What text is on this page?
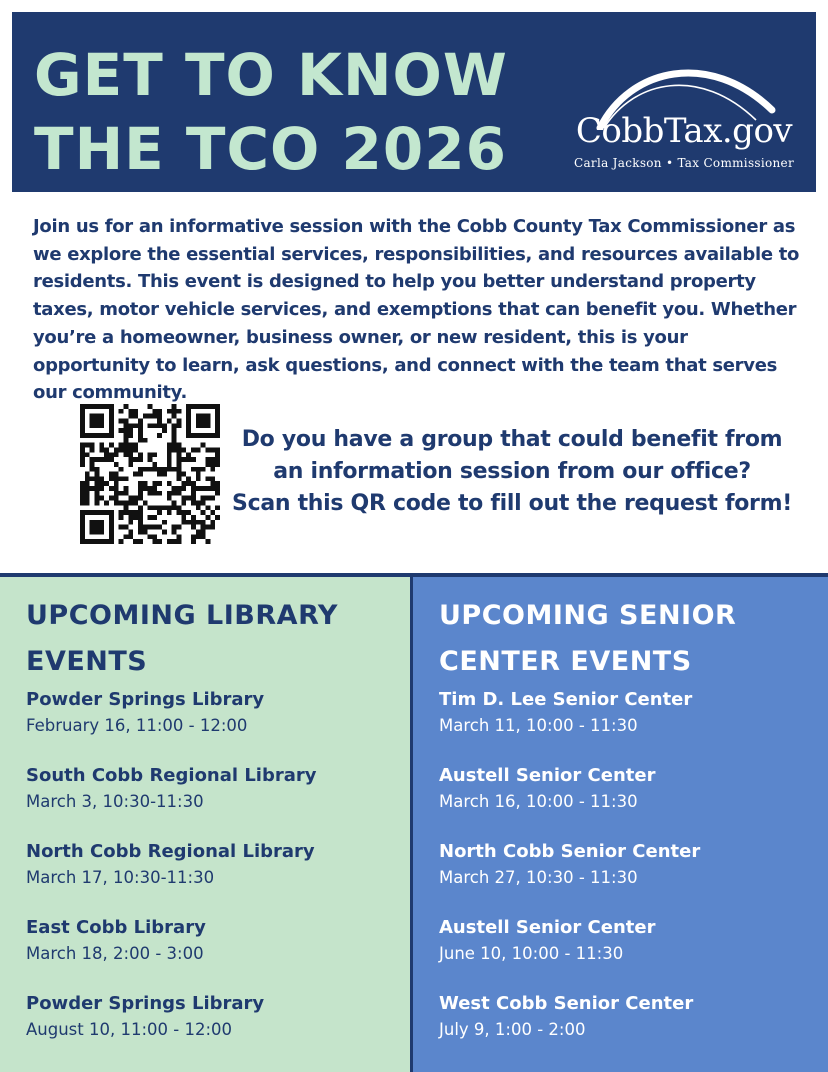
GET TO KNOW
THE TCO 2026	CobbTax.gov
Carla Jackson • Tax Commissioner

Join us for an informative session with the Cobb County Tax Commissioner as we explore the essential services, responsibilities, and resources available to residents. This event is designed to help you better understand property taxes, motor vehicle services, and exemptions that can benefit you. Whether you’re a homeowner, business owner, or new resident, this is your opportunity to learn, ask questions, and connect with the team that serves our community.

Do you have a group that could benefit from
an information session from our office?
Scan this QR code to fill out the request form!

UPCOMING LIBRARY EVENTS
Powder Springs Library
February 16, 11:00 - 12:00
South Cobb Regional Library
March 3, 10:30-11:30
North Cobb Regional Library
March 17, 10:30-11:30
East Cobb Library
March 18, 2:00 - 3:00
Powder Springs Library
August 10, 11:00 - 12:00
UPCOMING SENIOR CENTER EVENTS
Tim D. Lee Senior Center
March 11, 10:00 - 11:30
Austell Senior Center
March 16, 10:00 - 11:30
North Cobb Senior Center
March 27, 10:30 - 11:30
Austell Senior Center
June 10, 10:00 - 11:30
West Cobb Senior Center
July 9, 1:00 - 2:00
